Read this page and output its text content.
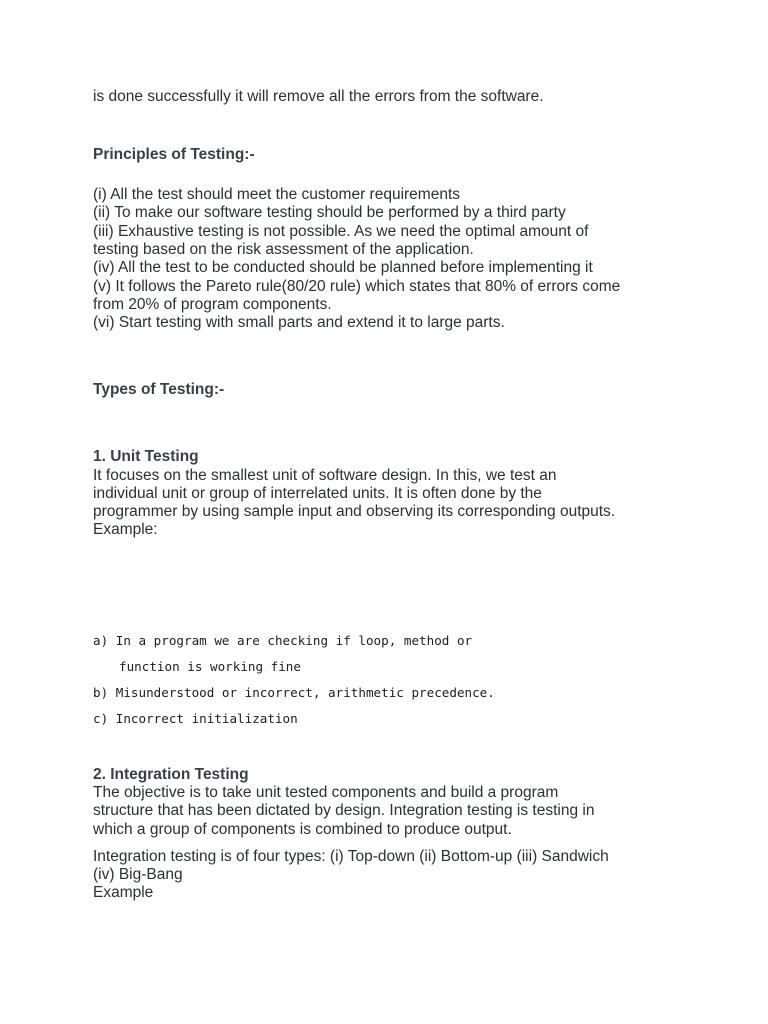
is done successfully it will remove all the errors from the software.
Principles of Testing:-
(i) All the test should meet the customer requirements
(ii) To make our software testing should be performed by a third party
(iii) Exhaustive testing is not possible. As we need the optimal amount of
testing based on the risk assessment of the application.
(iv) All the test to be conducted should be planned before implementing it
(v) It follows the Pareto rule(80/20 rule) which states that 80% of errors come
from 20% of program components.
(vi) Start testing with small parts and extend it to large parts.
Types of Testing:-
1. Unit Testing
It focuses on the smallest unit of software design. In this, we test an
individual unit or group of interrelated units. It is often done by the
programmer by using sample input and observing its corresponding outputs.
Example:
a) In a program we are checking if loop, method or
function is working fine
b) Misunderstood or incorrect, arithmetic precedence.
c) Incorrect initialization
2. Integration Testing
The objective is to take unit tested components and build a program
structure that has been dictated by design. Integration testing is testing in
which a group of components is combined to produce output.
Integration testing is of four types: (i) Top-down (ii) Bottom-up (iii) Sandwich
(iv) Big-Bang
Example
